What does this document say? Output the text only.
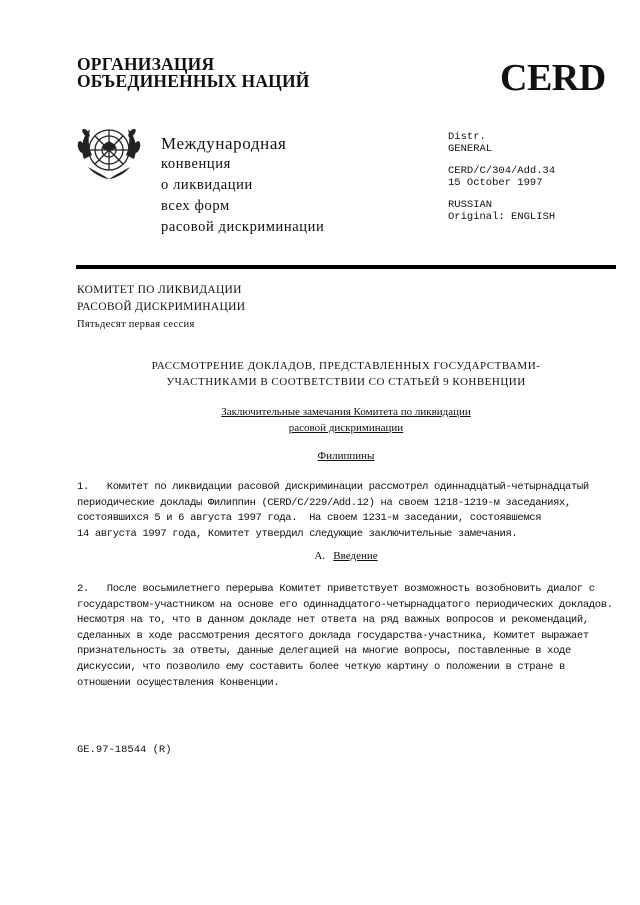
ОРГАНИЗАЦИЯ
ОБЪЕДИНЕННЫХ НАЦИЙ	CERD
Международная
конвенция
о ликвидации
всех форм
расовой дискриминации
Distr.
GENERAL
CERD/C/304/Add.34
15 October 1997
RUSSIAN
Original: ENGLISH
КОМИТЕТ ПО ЛИКВИДАЦИИ
РАСОВОЙ ДИСКРИМИНАЦИИ
Пятьдесят первая сессия
РАССМОТРЕНИЕ ДОКЛАДОВ, ПРЕДСТАВЛЕННЫХ ГОСУДАРСТВАМИ-
УЧАСТНИКАМИ В СООТВЕТСТВИИ СО СТАТЬЕЙ 9 КОНВЕНЦИИ
Заключительные замечания Комитета по ликвидации
расовой дискриминации
Филиппины
1.   Комитет по ликвидации расовой дискриминации рассмотрел одиннадцатый-четырнадцатый
периодические доклады Филиппин (CERD/C/229/Add.12) на своем 1218-1219-м заседаниях,
состоявшихся 5 и 6 августа 1997 года.  На своем 1231-м заседании, состоявшемся
14 августа 1997 года, Комитет утвердил следующие заключительные замечания.
A. Введение
2.   После восьмилетнего перерыва Комитет приветствует возможность возобновить диалог с
государством-участником на основе его одиннадцатого-четырнадцатого периодических докладов.
Несмотря на то, что в данном докладе нет ответа на ряд важных вопросов и рекомендаций,
сделанных в ходе рассмотрения десятого доклада государства-участника, Комитет выражает
признательность за ответы, данные делегацией на многие вопросы, поставленные в ходе
дискуссии, что позволило ему составить более четкую картину о положении в стране в
отношении осуществления Конвенции.
GE.97-18544 (R)
